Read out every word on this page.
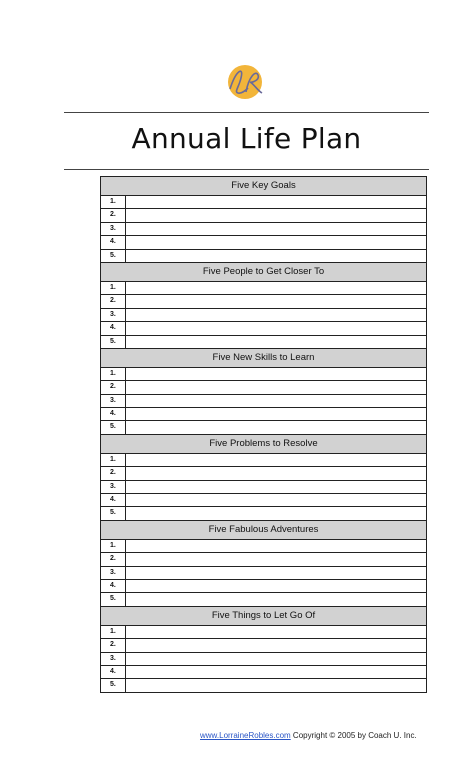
LR
Annual Life Plan
Five Key Goals
1.
2.
3.
4.
5.
Five People to Get Closer To
1.
2.
3.
4.
5.
Five New Skills to Learn
1.
2.
3.
4.
5.
Five Problems to Resolve
1.
2.
3.
4.
5.
Five Fabulous Adventures
1.
2.
3.
4.
5.
Five Things to Let Go Of
1.
2.
3.
4.
5.
www.LorraineRobles.com Copyright © 2005 by Coach U. Inc.
